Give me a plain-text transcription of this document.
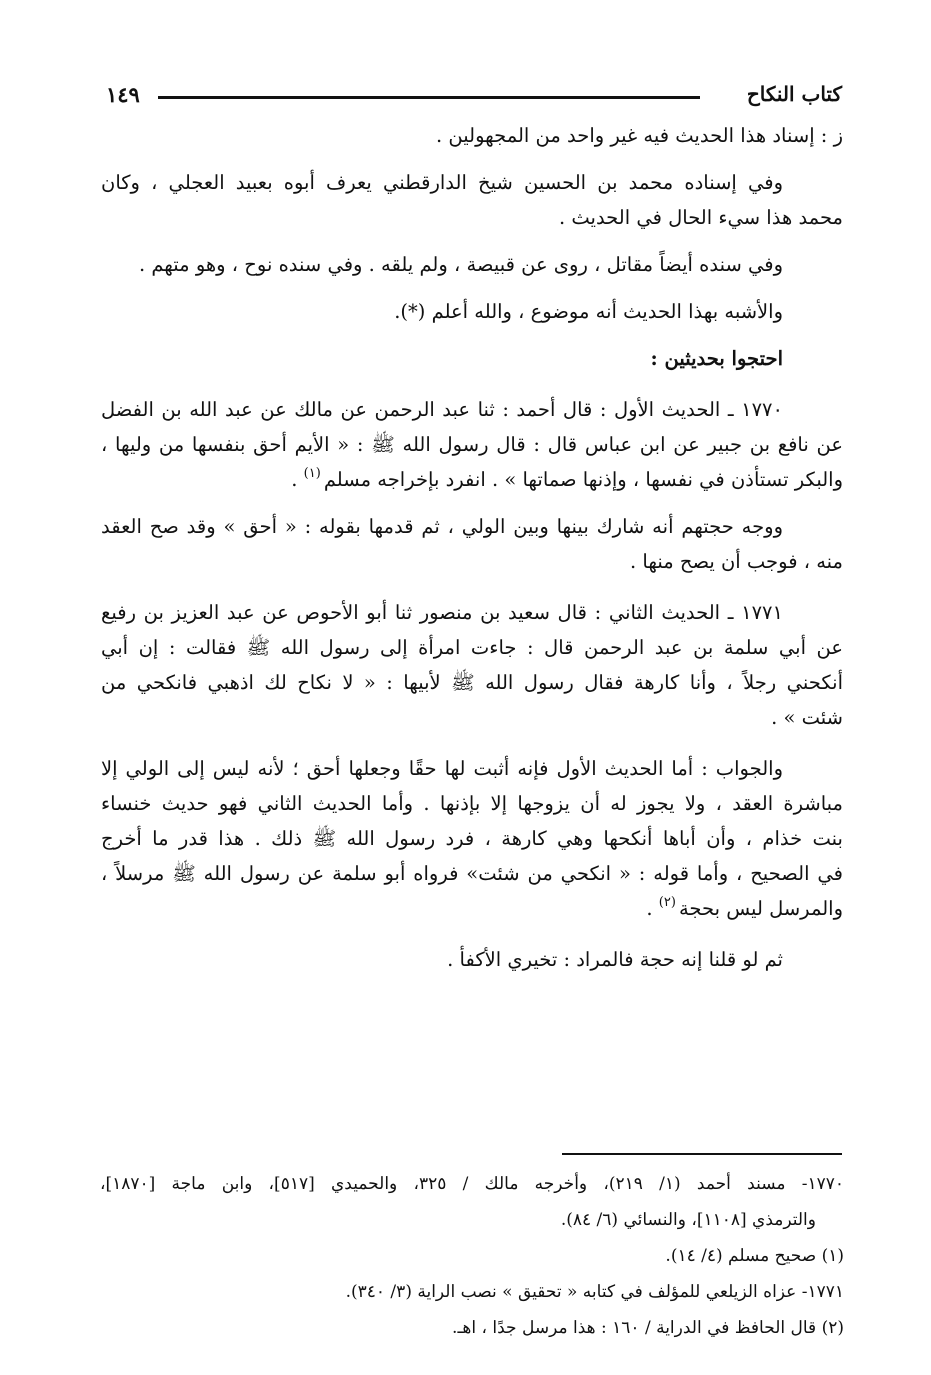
كتاب النكاح
١٤٩
ز : إسناد هذا الحديث فيه غير واحد من المجهولين .
وفي إسناده محمد بن الحسين شيخ الدارقطني يعرف أبوه بعبيد العجلي ، وكان
محمد هذا سيء الحال في الحديث .
وفي سنده أيضاً مقاتل ، روى عن قبيصة ، ولم يلقه . وفي سنده نوح ، وهو متهم .
والأشبه بهذا الحديث أنه موضوع ، والله أعلم (*).
احتجوا بحديثين :
١٧٧٠ ـ الحديث الأول : قال أحمد : ثنا عبد الرحمن عن مالك عن عبد الله بن الفضل
عن نافع بن جبير عن ابن عباس قال : قال رسول الله ﷺ : « الأيم أحق بنفسها من وليها ،
والبكر تستأذن في نفسها ، وإذنها صماتها » . انفرد بإخراجه مسلم$^{(١)}$ .
ووجه حجتهم أنه شارك بينها وبين الولي ، ثم قدمها بقوله : « أحق » وقد صح العقد
منه ، فوجب أن يصح منها .
١٧٧١ ـ الحديث الثاني : قال سعيد بن منصور ثنا أبو الأحوص عن عبد العزيز بن رفيع
عن أبي سلمة بن عبد الرحمن قال : جاءت امرأة إلى رسول الله ﷺ فقالت : إن أبي
أنكحني رجلاً ، وأنا كارهة فقال رسول الله ﷺ لأبيها : « لا نكاح لك اذهبي فانكحي من
شئت » .
والجواب : أما الحديث الأول فإنه أثبت لها حقًا وجعلها أحق ؛ لأنه ليس إلى الولي إلا
مباشرة العقد ، ولا يجوز له أن يزوجها إلا بإذنها . وأما الحديث الثاني فهو حديث خنساء
بنت خذام ، وأن أباها أنكحها وهي كارهة ، فرد رسول الله ﷺ ذلك . هذا قدر ما أخرج
في الصحيح ، وأما قوله : « انكحي من شئت» فرواه أبو سلمة عن رسول الله ﷺ مرسلاً ،
والمرسل ليس بحجة$^{(٢)}$ .
ثم لو قلنا إنه حجة فالمراد : تخيري الأكفأ .
١٧٧٠- مسند أحمد (١/ ٢١٩)، وأخرجه مالك / ٣٢٥، والحميدي [٥١٧]، وابن ماجة [١٨٧٠]،
والترمذي [١١٠٨]، والنسائي (٦/ ٨٤).
(١) صحيح مسلم (٤/ ١٤).
١٧٧١- عزاه الزيلعي للمؤلف في كتابه « تحقيق » نصب الراية (٣/ ٣٤٠).
(٢) قال الحافظ في الدراية / ١٦٠ : هذا مرسل جدًا ، اهـ.
